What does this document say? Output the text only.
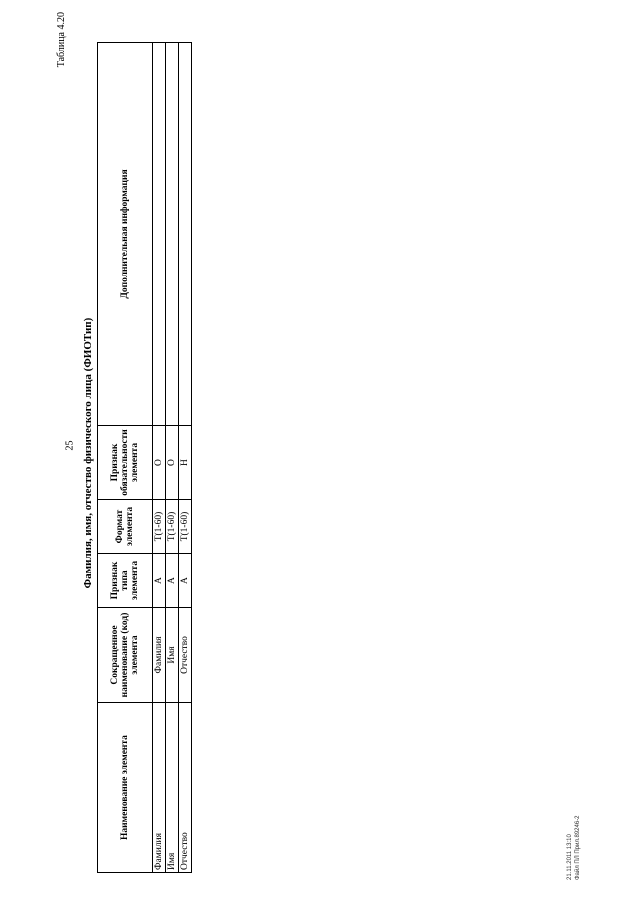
25
Таблица 4.20
Фамилия, имя, отчество физического лица (ФИОТип)
Наименование элемента	Сокращенное наименование (код) элемента	Признак типа элемента	Формат элемента	Признак обязательности элемента	Дополнительная информация
Фамилия	Фамилия	А	T(1-60)	О	
Имя	Имя	А	T(1-60)	О	
Отчество	Отчество	А	T(1-60)	Н	
21.11.2011 13:10 Файл ПЛ Прил.89246-2
